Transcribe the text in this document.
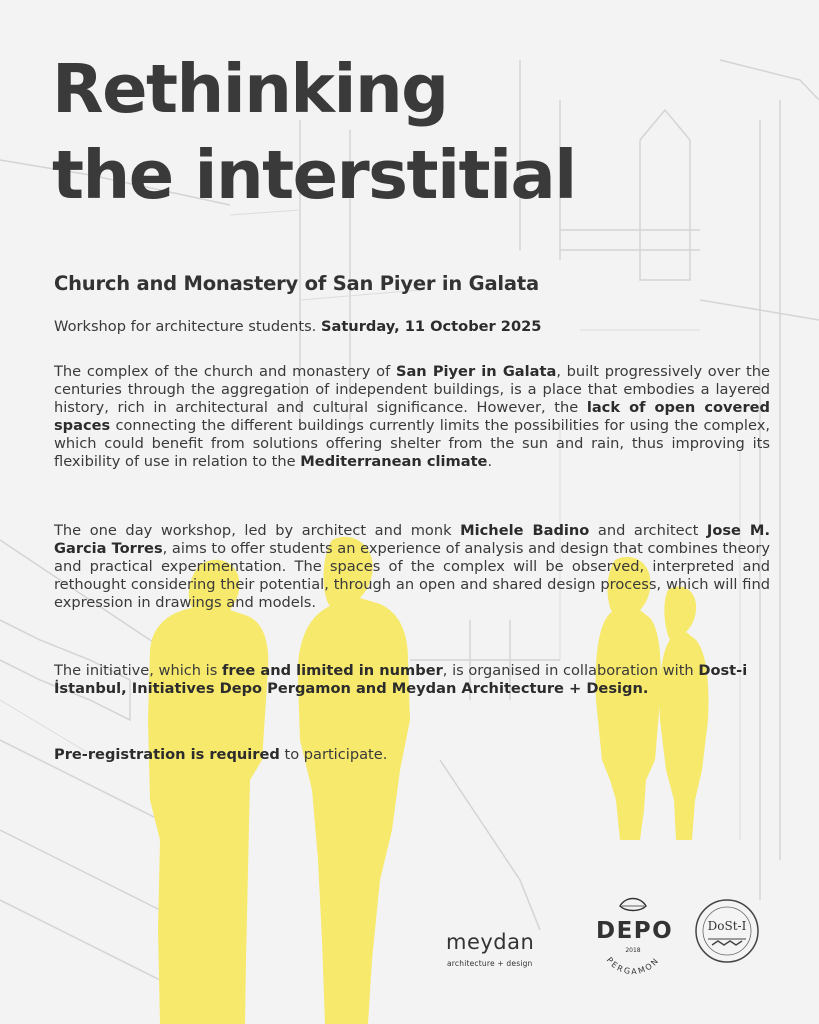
Rethinking
the interstitial
Church and Monastery of San Piyer in Galata

Workshop for architecture students. Saturday, 11 October 2025

The complex of the church and monastery of San Piyer in Galata, built progressively over the centuries through the aggregation of independent buildings, is a place that embodies a layered history, rich in architectural and cultural significance. However, the lack of open covered spaces connecting the different buildings currently limits the possibilities for using the complex, which could benefit from solutions offering shelter from the sun and rain, thus improving its flexibility of use in relation to the Mediterranean climate.

The one day workshop, led by architect and monk Michele Badino and architect Jose M. Garcia Torres, aims to offer students an experience of analysis and design that combines theory and practical experimentation. The spaces of the complex will be observed, interpreted and rethought considering their potential, through an open and shared design process, which will find expression in drawings and models.

The initiative, which is free and limited in number, is organised in collaboration with Dost-i İstanbul, Initiatives Depo Pergamon and Meydan Architecture + Design.

Pre-registration is required to participate.

meydan
architecture + design	PERGAMON
DEPO
2018
DoSt-I
